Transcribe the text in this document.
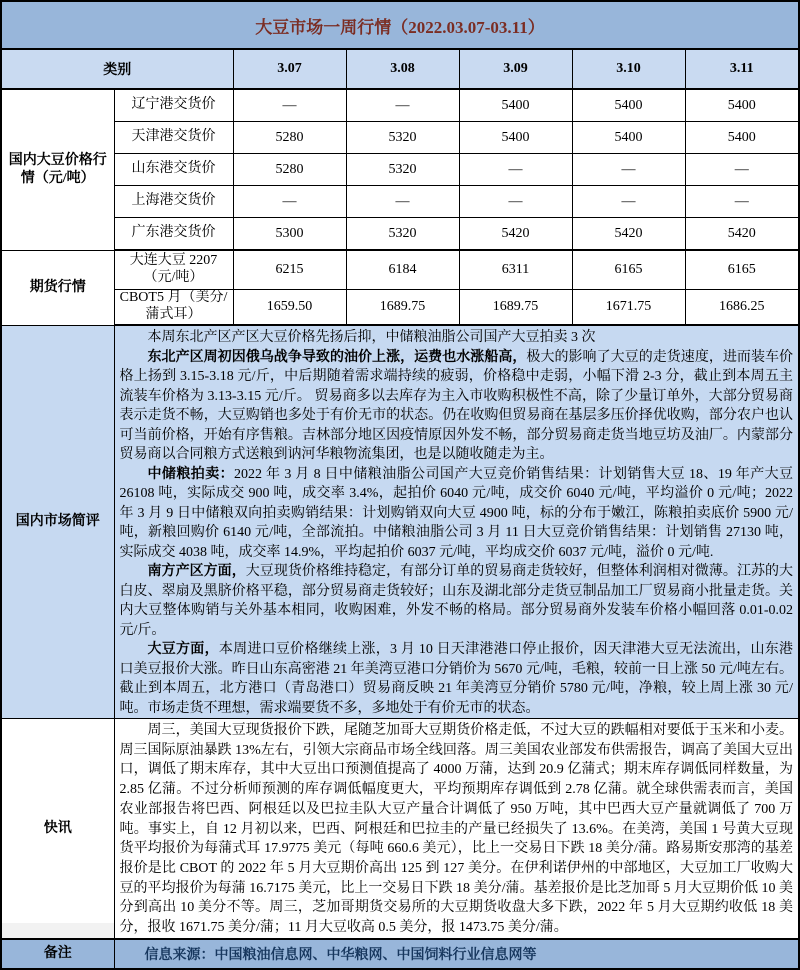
大豆市场一周行情（2022.03.07-03.11）						
类别		3.07	3.08	3.09	3.10	3.11
国内大豆价格行情（元/吨）	辽宁港交货价	—	—	5400	5400	5400
	天津港交货价	5280	5320	5400	5400	5400
	山东港交货价	5280	5320	—	—	—
	上海港交货价	—	—	—	—	—
	广东港交货价	5300	5320	5420	5420	5420
期货行情	大连大豆 2207（元/吨）	6215	6184	6311	6165	6165
	CBOT5 月（美分/蒲式耳）	1659.50	1689.75	1689.75	1671.75	1686.25
国内市场简评	本周东北产区产区大豆价格先扬后抑，中储粮油脂公司国产大豆拍卖 3 次

东北产区周初因俄乌战争导致的油价上涨，运费也水涨船高，极大的影响了大豆的走货速度，进而装车价格上扬到 3.15-3.18 元/斤，中后期随着需求端持续的疲弱，价格稳中走弱，小幅下滑 2-3 分，截止到本周五主流装车价格为 3.13-3.15 元/斤。 贸易商多以去库存为主入市收购积极性不高，除了少量订单外，大部分贸易商表示走货不畅，大豆购销也多处于有价无市的状态。仍在收购但贸易商在基层多压价择优收购，部分农户也认可当前价格，开始有序售粮。吉林部分地区因疫情原因外发不畅，部分贸易商走货当地豆坊及油厂。内蒙部分贸易商以合同粮方式送粮到讷河华粮物流集团，也是以随收随走为主。

中储粮拍卖：2022 年 3 月 8 日中储粮油脂公司国产大豆竞价销售结果：计划销售大豆 18、19 年产大豆 26108 吨，实际成交 900 吨，成交率 3.4%，起拍价 6040 元/吨，成交价 6040 元/吨，平均溢价 0 元/吨；2022 年 3 月 9 日中储粮双向拍卖购销结果：计划购销双向大豆 4900 吨，标的分布于嫩江，陈粮拍卖底价 5900 元/吨，新粮回购价 6140 元/吨，全部流拍。中储粮油脂公司 3 月 11 日大豆竞价销售结果：计划销售 27130 吨，实际成交 4038 吨，成交率 14.9%，平均起拍价 6037 元/吨，平均成交价 6037 元/吨，溢价 0 元/吨.

南方产区方面，大豆现货价格维持稳定，有部分订单的贸易商走货较好，但整体利润相对微薄。江苏的大白皮、翠扇及黑脐价格平稳，部分贸易商走货较好；山东及湖北部分走货豆制品加工厂贸易商小批量走货。关内大豆整体购销与关外基本相同，收购困难，外发不畅的格局。部分贸易商外发装车价格小幅回落 0.01-0.02 元/斤。

大豆方面，本周进口豆价格继续上涨，3 月 10 日天津港港口停止报价，因天津港大豆无法流出，山东港口美豆报价大涨。昨日山东高密港 21 年美湾豆港口分销价为 5670 元/吨，毛粮，较前一日上涨 50 元/吨左右。截止到本周五，北方港口（青岛港口）贸易商反映 21 年美湾豆分销价 5780 元/吨，净粮，较上周上涨 30 元/吨。市场走货不理想，需求端要货不多，多地处于有价无市的状态。					

快讯	周三，美国大豆现货报价下跌，尾随芝加哥大豆期货价格走低，不过大豆的跌幅相对要低于玉米和小麦。周三国际原油暴跌 13%左右，引领大宗商品市场全线回落。周三美国农业部发布供需报告，调高了美国大豆出口，调低了期末库存，其中大豆出口预测值提高了 4000 万蒲，达到 20.9 亿蒲式；期末库存调低同样数量，为 2.85 亿蒲。不过分析师预测的库存调低幅度更大，平均预期库存调低到 2.78 亿蒲。就全球供需表而言，美国农业部报告将巴西、阿根廷以及巴拉圭队大豆产量合计调低了 950 万吨，其中巴西大豆产量就调低了 700 万吨。事实上，自 12 月初以来，巴西、阿根廷和巴拉圭的产量已经损失了 13.6%。在美湾，美国 1 号黄大豆现货平均报价为每蒲式耳 17.9775 美元（每吨 660.6 美元），比上一交易日下跌 18 美分/蒲。路易斯安那湾的基差报价是比 CBOT 的 2022 年 5 月大豆期价高出 125 到 127 美分。在伊利诺伊州的中部地区，大豆加工厂收购大豆的平均报价为每蒲 16.7175 美元，比上一交易日下跌 18 美分/蒲。基差报价是比芝加哥 5 月大豆期价低 10 美分到高出 10 美分不等。周三，芝加哥期货交易所的大豆期货收盘大多下跌，2022 年 5 月大豆期约收低 18 美分，报收 1671.75 美分/蒲；11 月大豆收高 0.5 美分，报 1473.75 美分/蒲。					

备注	信息来源：中国粮油信息网、中华粮网、中国饲料行业信息网等					
